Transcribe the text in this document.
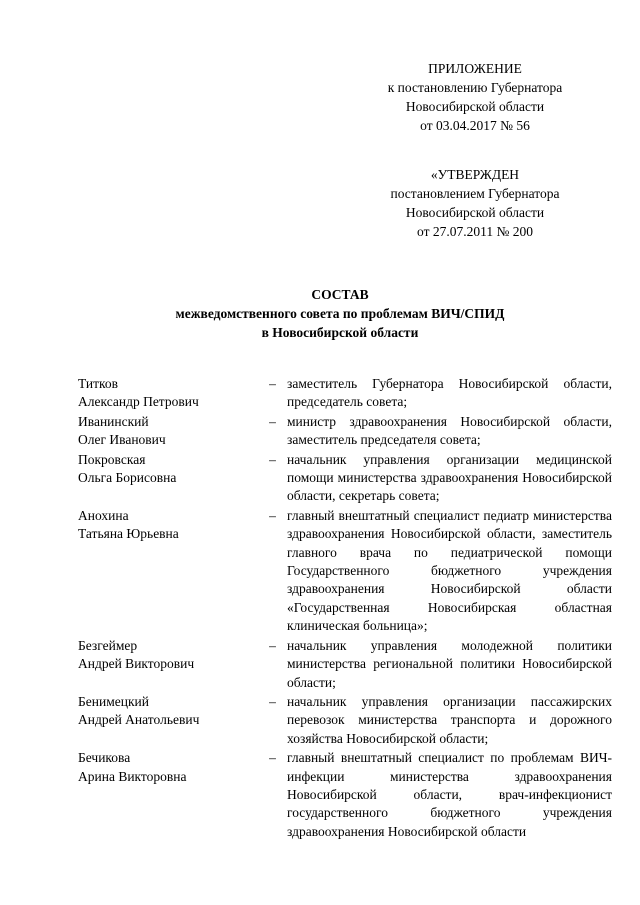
ПРИЛОЖЕНИЕ
к постановлению Губернатора
Новосибирской области
от 03.04.2017 № 56
«УТВЕРЖДЕН
постановлением Губернатора
Новосибирской области
от 27.07.2011 № 200
СОСТАВ
межведомственного совета по проблемам ВИЧ/СПИД
в Новосибирской области
Титков
Александр Петрович
– заместитель Губернатора Новосибирской области, председатель совета;
Иванинский
Олег Иванович
– министр здравоохранения Новосибирской области, заместитель председателя совета;
Покровская
Ольга Борисовна
– начальник управления организации медицинской помощи министерства здравоохранения Новосибирской области, секретарь совета;
Анохина
Татьяна Юрьевна
– главный внештатный специалист педиатр министерства здравоохранения Новосибирской области, заместитель главного врача по педиатрической помощи Государственного бюджетного учреждения здравоохранения Новосибирской области «Государственная Новосибирская областная клиническая больница»;
Безгеймер
Андрей Викторович
– начальник управления молодежной политики министерства региональной политики Новосибирской области;
Бенимецкий
Андрей Анатольевич
– начальник управления организации пассажирских перевозок министерства транспорта и дорожного хозяйства Новосибирской области;
Бечикова
Арина Викторовна
– главный внештатный специалист по проблемам ВИЧ-инфекции министерства здравоохранения Новосибирской области, врач-инфекционист государственного бюджетного учреждения здравоохранения Новосибирской области
